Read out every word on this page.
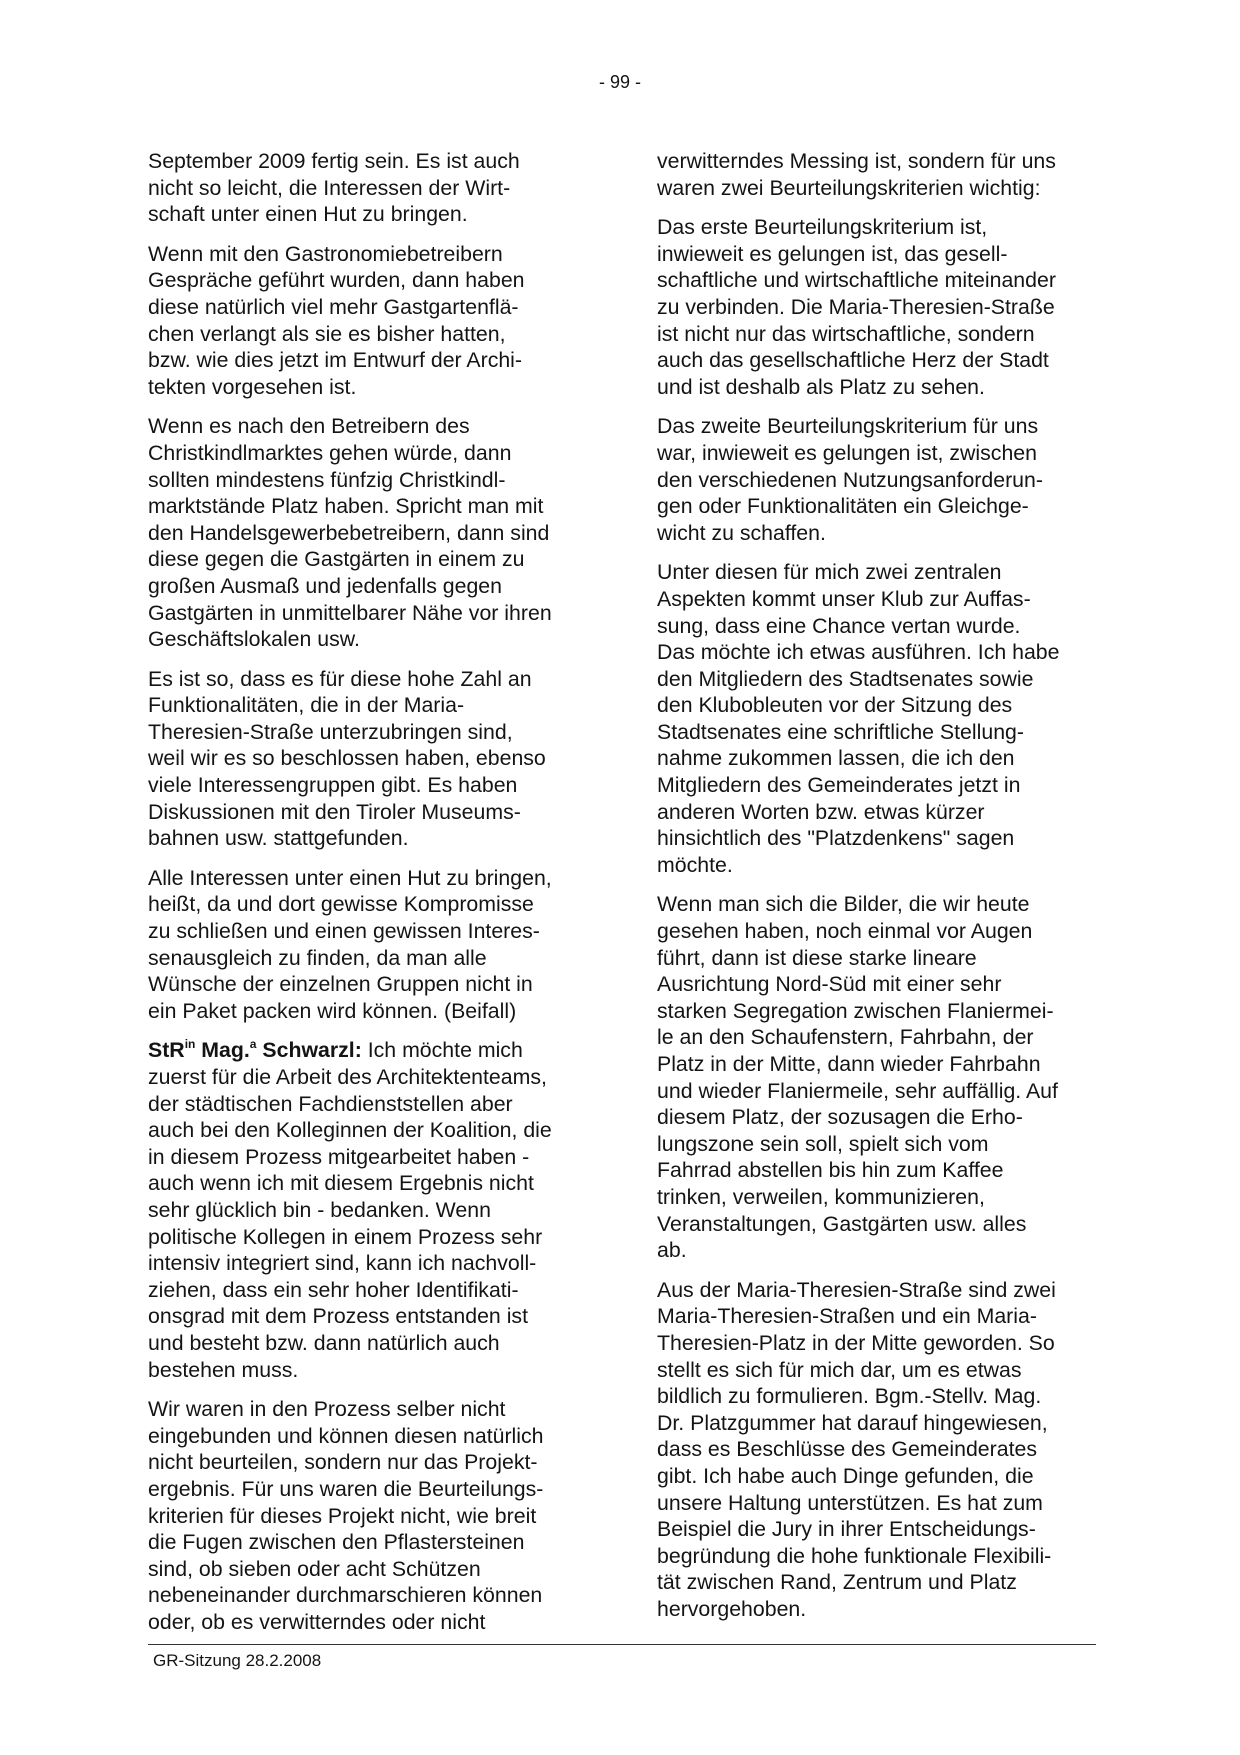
- 99 -

September 2009 fertig sein. Es ist auch
nicht so leicht, die Interessen der Wirt-
schaft unter einen Hut zu bringen.

Wenn mit den Gastronomiebetreibern
Gespräche geführt wurden, dann haben
diese natürlich viel mehr Gastgartenflä-
chen verlangt als sie es bisher hatten,
bzw. wie dies jetzt im Entwurf der Archi-
tekten vorgesehen ist.

Wenn es nach den Betreibern des
Christkindlmarktes gehen würde, dann
sollten mindestens fünfzig Christkindl-
marktstände Platz haben. Spricht man mit
den Handelsgewerbebetreibern, dann sind
diese gegen die Gastgärten in einem zu
großen Ausmaß und jedenfalls gegen
Gastgärten in unmittelbarer Nähe vor ihren
Geschäftslokalen usw.

Es ist so, dass es für diese hohe Zahl an
Funktionalitäten, die in der Maria-
Theresien-Straße unterzubringen sind,
weil wir es so beschlossen haben, ebenso
viele Interessengruppen gibt. Es haben
Diskussionen mit den Tiroler Museums-
bahnen usw. stattgefunden.

Alle Interessen unter einen Hut zu bringen,
heißt, da und dort gewisse Kompromisse
zu schließen und einen gewissen Interes-
senausgleich zu finden, da man alle
Wünsche der einzelnen Gruppen nicht in
ein Paket packen wird können. (Beifall)

StR$^{in}$ Mag.$^a$ Schwarzl: Ich möchte mich
zuerst für die Arbeit des Architektenteams,
der städtischen Fachdienststellen aber
auch bei den Kolleginnen der Koalition, die
in diesem Prozess mitgearbeitet haben -
auch wenn ich mit diesem Ergebnis nicht
sehr glücklich bin - bedanken. Wenn
politische Kollegen in einem Prozess sehr
intensiv integriert sind, kann ich nachvoll-
ziehen, dass ein sehr hoher Identifikati-
onsgrad mit dem Prozess entstanden ist
und besteht bzw. dann natürlich auch
bestehen muss.

Wir waren in den Prozess selber nicht
eingebunden und können diesen natürlich
nicht beurteilen, sondern nur das Projekt-
ergebnis. Für uns waren die Beurteilungs-
kriterien für dieses Projekt nicht, wie breit
die Fugen zwischen den Pflastersteinen
sind, ob sieben oder acht Schützen
nebeneinander durchmarschieren können
oder, ob es verwitterndes oder nicht

verwitterndes Messing ist, sondern für uns
waren zwei Beurteilungskriterien wichtig:

Das erste Beurteilungskriterium ist,
inwieweit es gelungen ist, das gesell-
schaftliche und wirtschaftliche miteinander
zu verbinden. Die Maria-Theresien-Straße
ist nicht nur das wirtschaftliche, sondern
auch das gesellschaftliche Herz der Stadt
und ist deshalb als Platz zu sehen.

Das zweite Beurteilungskriterium für uns
war, inwieweit es gelungen ist, zwischen
den verschiedenen Nutzungsanforderun-
gen oder Funktionalitäten ein Gleichge-
wicht zu schaffen.

Unter diesen für mich zwei zentralen
Aspekten kommt unser Klub zur Auffas-
sung, dass eine Chance vertan wurde.
Das möchte ich etwas ausführen. Ich habe
den Mitgliedern des Stadtsenates sowie
den Klubobleuten vor der Sitzung des
Stadtsenates eine schriftliche Stellung-
nahme zukommen lassen, die ich den
Mitgliedern des Gemeinderates jetzt in
anderen Worten bzw. etwas kürzer
hinsichtlich des "Platzdenkens" sagen
möchte.

Wenn man sich die Bilder, die wir heute
gesehen haben, noch einmal vor Augen
führt, dann ist diese starke lineare
Ausrichtung Nord-Süd mit einer sehr
starken Segregation zwischen Flaniermei-
le an den Schaufenstern, Fahrbahn, der
Platz in der Mitte, dann wieder Fahrbahn
und wieder Flaniermeile, sehr auffällig. Auf
diesem Platz, der sozusagen die Erho-
lungszone sein soll, spielt sich vom
Fahrrad abstellen bis hin zum Kaffee
trinken, verweilen, kommunizieren,
Veranstaltungen, Gastgärten usw. alles
ab.

Aus der Maria-Theresien-Straße sind zwei
Maria-Theresien-Straßen und ein Maria-
Theresien-Platz in der Mitte geworden. So
stellt es sich für mich dar, um es etwas
bildlich zu formulieren. Bgm.-Stellv. Mag.
Dr. Platzgummer hat darauf hingewiesen,
dass es Beschlüsse des Gemeinderates
gibt. Ich habe auch Dinge gefunden, die
unsere Haltung unterstützen. Es hat zum
Beispiel die Jury in ihrer Entscheidungs-
begründung die hohe funktionale Flexibili-
tät zwischen Rand, Zentrum und Platz
hervorgehoben.

GR-Sitzung 28.2.2008
